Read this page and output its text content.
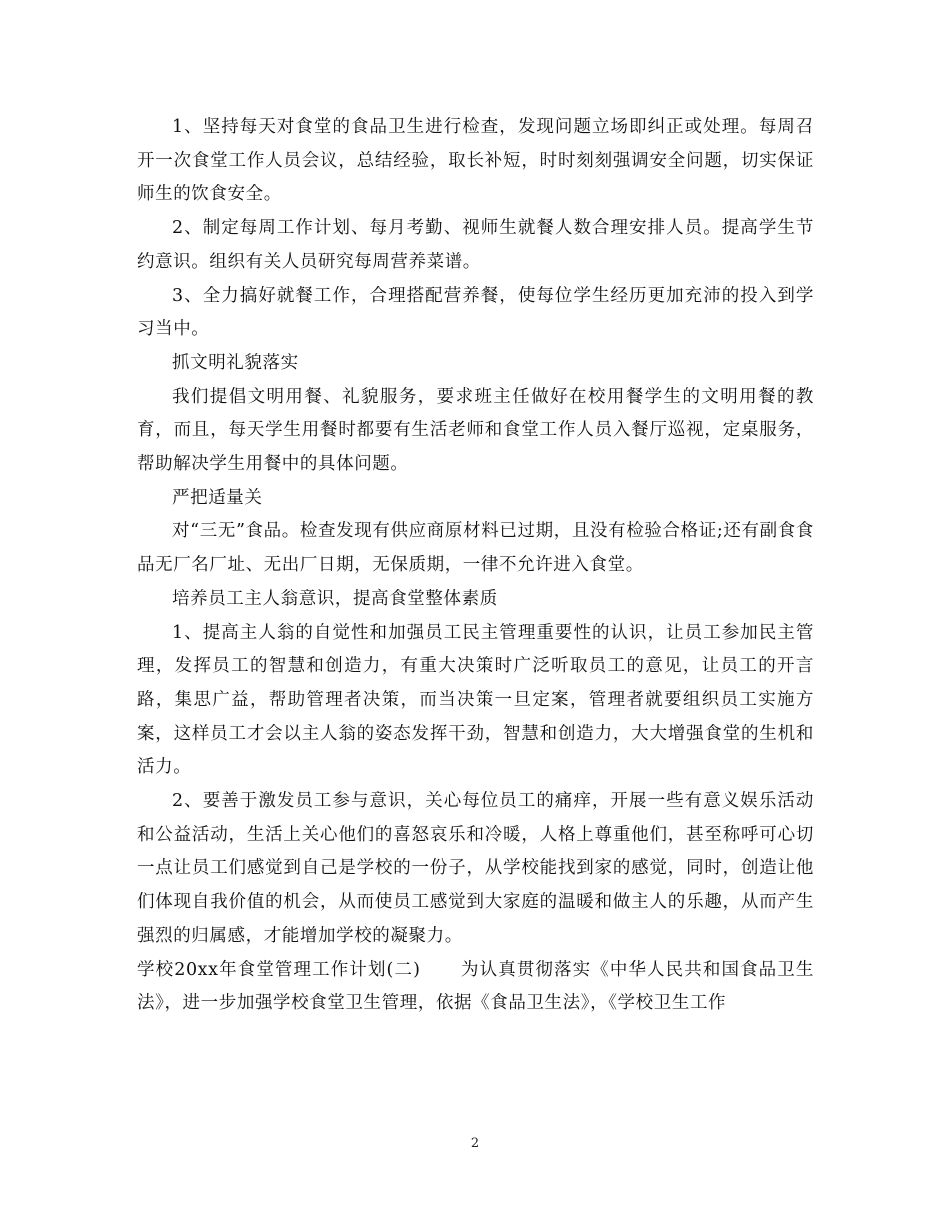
1、坚持每天对食堂的食品卫生进行检查，发现问题立场即纠正或处理。每周召开一次食堂工作人员会议，总结经验，取长补短，时时刻刻强调安全问题，切实保证师生的饮食安全。

2、制定每周工作计划、每月考勤、视师生就餐人数合理安排人员。提高学生节约意识。组织有关人员研究每周营养菜谱。

3、全力搞好就餐工作，合理搭配营养餐，使每位学生经历更加充沛的投入到学习当中。

抓文明礼貌落实

我们提倡文明用餐、礼貌服务，要求班主任做好在校用餐学生的文明用餐的教育，而且，每天学生用餐时都要有生活老师和食堂工作人员入餐厅巡视，定桌服务，帮助解决学生用餐中的具体问题。

严把适量关

对“三无”食品。检查发现有供应商原材料已过期，且没有检验合格证;还有副食食品无厂名厂址、无出厂日期，无保质期，一律不允许进入食堂。

培养员工主人翁意识，提高食堂整体素质

1、提高主人翁的自觉性和加强员工民主管理重要性的认识，让员工参加民主管理，发挥员工的智慧和创造力，有重大决策时广泛听取员工的意见，让员工的开言路，集思广益，帮助管理者决策，而当决策一旦定案，管理者就要组织员工实施方案，这样员工才会以主人翁的姿态发挥干劲，智慧和创造力，大大增强食堂的生机和活力。

2、要善于激发员工参与意识，关心每位员工的痛痒，开展一些有意义娱乐活动和公益活动，生活上关心他们的喜怒哀乐和冷暖，人格上尊重他们，甚至称呼可心切一点让员工们感觉到自己是学校的一份子，从学校能找到家的感觉，同时，创造让他们体现自我价值的机会，从而使员工感觉到大家庭的温暖和做主人的乐趣，从而产生强烈的归属感，才能增加学校的凝聚力。

学校20xx年食堂管理工作计划(二) 为认真贯彻落实《中华人民共和国食品卫生法》，进一步加强学校食堂卫生管理，依据《食品卫生法》，《学校卫生工作

2
